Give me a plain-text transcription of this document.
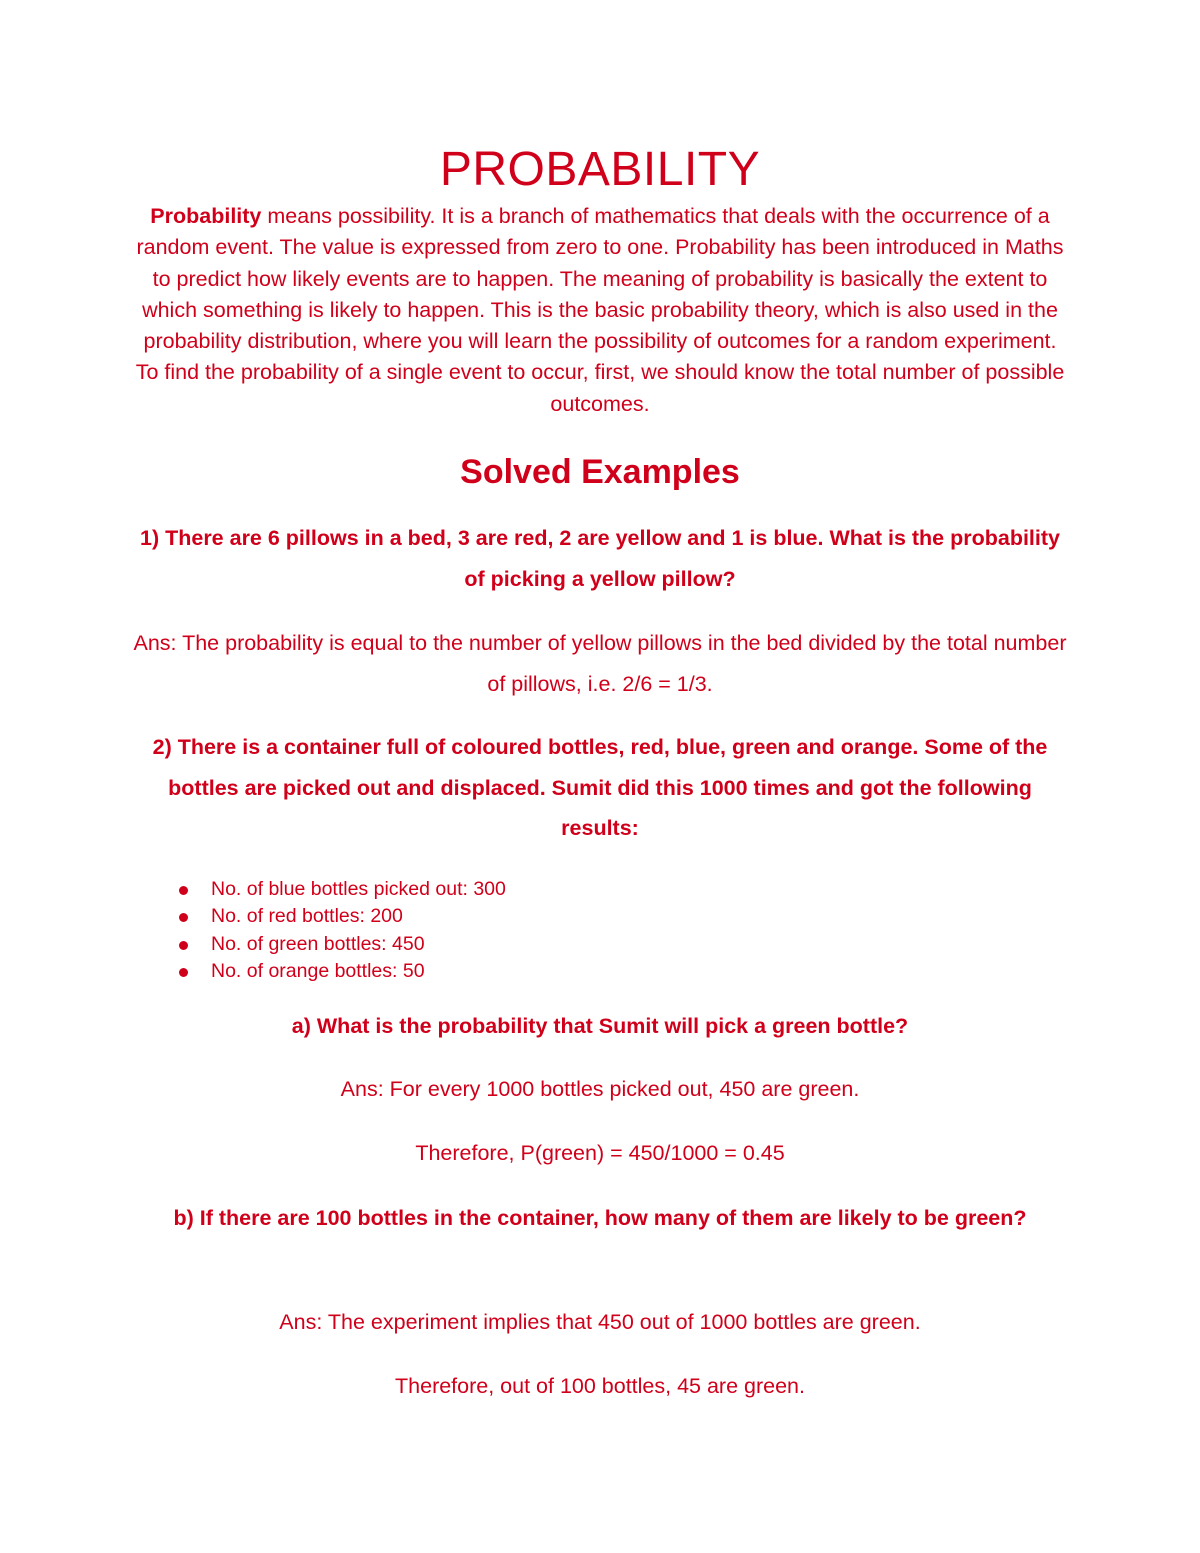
PROBABILITY

Probability means possibility. It is a branch of mathematics that deals with the occurrence of a random event. The value is expressed from zero to one. Probability has been introduced in Maths to predict how likely events are to happen. The meaning of probability is basically the extent to which something is likely to happen. This is the basic probability theory, which is also used in the probability distribution, where you will learn the possibility of outcomes for a random experiment. To find the probability of a single event to occur, first, we should know the total number of possible outcomes.

Solved Examples

1) There are 6 pillows in a bed, 3 are red, 2 are yellow and 1 is blue. What is the probability of picking a yellow pillow?

Ans: The probability is equal to the number of yellow pillows in the bed divided by the total number of pillows, i.e. 2/6 = 1/3.

2) There is a container full of coloured bottles, red, blue, green and orange. Some of the bottles are picked out and displaced. Sumit did this 1000 times and got the following results:

No. of blue bottles picked out: 300
No. of red bottles: 200
No. of green bottles: 450
No. of orange bottles: 50

a) What is the probability that Sumit will pick a green bottle?

Ans: For every 1000 bottles picked out, 450 are green.

Therefore, P(green) = 450/1000 = 0.45

b) If there are 100 bottles in the container, how many of them are likely to be green?

Ans: The experiment implies that 450 out of 1000 bottles are green.

Therefore, out of 100 bottles, 45 are green.
